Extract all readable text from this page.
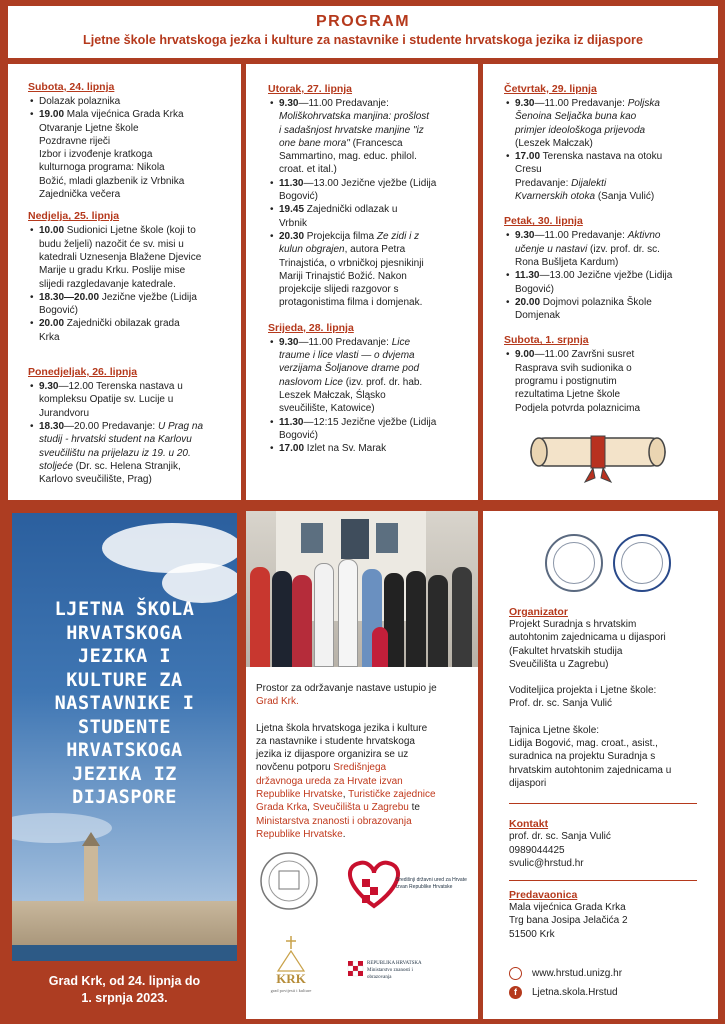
PROGRAM
Ljetne škole hrvatskoga jezka i kulture za nastavnike i studente hrvatskoga jezika iz dijaspore
Subota, 24. lipnja
• Dolazak polaznika
• 19.00 Mala vijećnica Grada Krka
Otvaranje Ljetne škole
Pozdravne riječi
Izbor i izvođenje kratkoga
kulturnoga programa: Nikola
Božić, mladi glazbenik iz Vrbnika
Zajednička večera
Nedjelja, 25. lipnja
• 10.00 Sudionici Ljetne škole (koji to
budu željeli) nazočit će sv. misi u
katedrali Uznesenja Blažene Djevice
Marije u gradu Krku. Poslije mise
slijedi razgledavanje katedrale.
• 18.30—20.00 Jezične vježbe (Lidija
Bogović)
• 20.00 Zajednički obilazak grada
Krka
Ponedjeljak, 26. lipnja
• 9.30—12.00 Terenska nastava u
kompleksu Opatije sv. Lucije u
Jurandvoru
• 18.30—20.00 Predavanje: U Prag na
studij - hrvatski student na Karlovu
sveučilištu na prijelazu iz 19. u 20.
stoljeće (Dr. sc. Helena Stranjik,
Karlovo sveučilište, Prag)
Utorak, 27. lipnja
• 9.30—11.00 Predavanje:
Moliškohrvatska manjina: prošlost
i sadašnjost hrvatske manjine "iz
one bane mora" (Francesca
Sammartino, mag. educ. philol.
croat. et ital.)
• 11.30—13.00 Jezične vježbe (Lidija
Bogović)
• 19.45 Zajednički odlazak u
Vrbnik
• 20.30 Projekcija filma Ze zidi i z
kulun obgrajen, autora Petra
Trinajstića, o vrbničkoj pjesnikinji
Mariji Trinajstić Božić. Nakon
projekcije slijedi razgovor s
protagonistima filma i domjenak.
Srijeda, 28. lipnja
• 9.30—11.00 Predavanje: Lice
traume i lice vlasti — o dvjema
verzijama Šoljanove drame pod
naslovom Lice (izv. prof. dr. hab.
Leszek Małczak, Śląsko
sveučilište, Katowice)
• 11.30—12:15 Jezične vježbe (Lidija
Bogović)
• 17.00 Izlet na Sv. Marak
Četvrtak, 29. lipnja
• 9.30—11.00 Predavanje: Poljska
Šenoina Seljačka buna kao
primjer ideološkoga prijevoda
(Leszek Małczak)
• 17.00 Terenska nastava na otoku
Cresu
Predavanje: Dijalekti
Kvarnerskih otoka (Sanja Vulić)
Petak, 30. lipnja
• 9.30—11.00 Predavanje: Aktivno
učenje u nastavi (izv. prof. dr. sc.
Rona Bušljeta Kardum)
• 11.30—13.00 Jezične vježbe (Lidija
Bogović)
• 20.00 Dojmovi polaznika Škole
Domjenak
Subota, 1. srpnja
• 9.00—11.00 Završni susret
Rasprava svih sudionika o
programu i postignutim
rezultatima Ljetne škole
Podjela potvrda polaznicima
LJETNA ŠKOLA
HRVATSKOGA
JEZIKA I
KULTURE ZA
NASTAVNIKE I
STUDENTE
HRVATSKOGA
JEZIKA IZ
DIJASPORE
Grad Krk, od 24. lipnja do
1. srpnja 2023.
Prostor za održavanje nastave ustupio je
Grad Krk.
Ljetna škola hrvatskoga jezika i kulture
za nastavnike i studente hrvatskoga
jezika iz dijaspore organizira se uz
novčenu potporu Središnjega
državnoga ureda za Hrvate izvan
Republike Hrvatske, Turističke zajednice
Grada Krka, Sveučilišta u Zagrebu te
Ministarstva znanosti i obrazovanja
Republike Hrvatske.
Središnji državni ured za Hrvate
izvan Republike Hrvatske
KRK
grad povijesti i kulture
REPUBLIKA HRVATSKA
Ministarstvo znanosti i
obrazovanja
Organizator
Projekt Suradnja s hrvatskim
autohtonim zajednicama u dijaspori
(Fakultet hrvatskih studija
Sveučilišta u Zagrebu)
Voditeljica projekta i Ljetne škole:
Prof. dr. sc. Sanja Vulić
Tajnica Ljetne škole:
Lidija Bogović, mag. croat., asist.,
suradnica na projektu Suradnja s
hrvatskim autohtonim zajednicama u
dijaspori
Kontakt
prof. dr. sc. Sanja Vulić
0989044425
svulic@hrstud.hr
Predavaonica
Mala vijećnica Grada Krka
Trg bana Josipa Jelačića 2
51500 Krk
www.hrstud.unizg.hr
f	Ljetna.skola.Hrstud
